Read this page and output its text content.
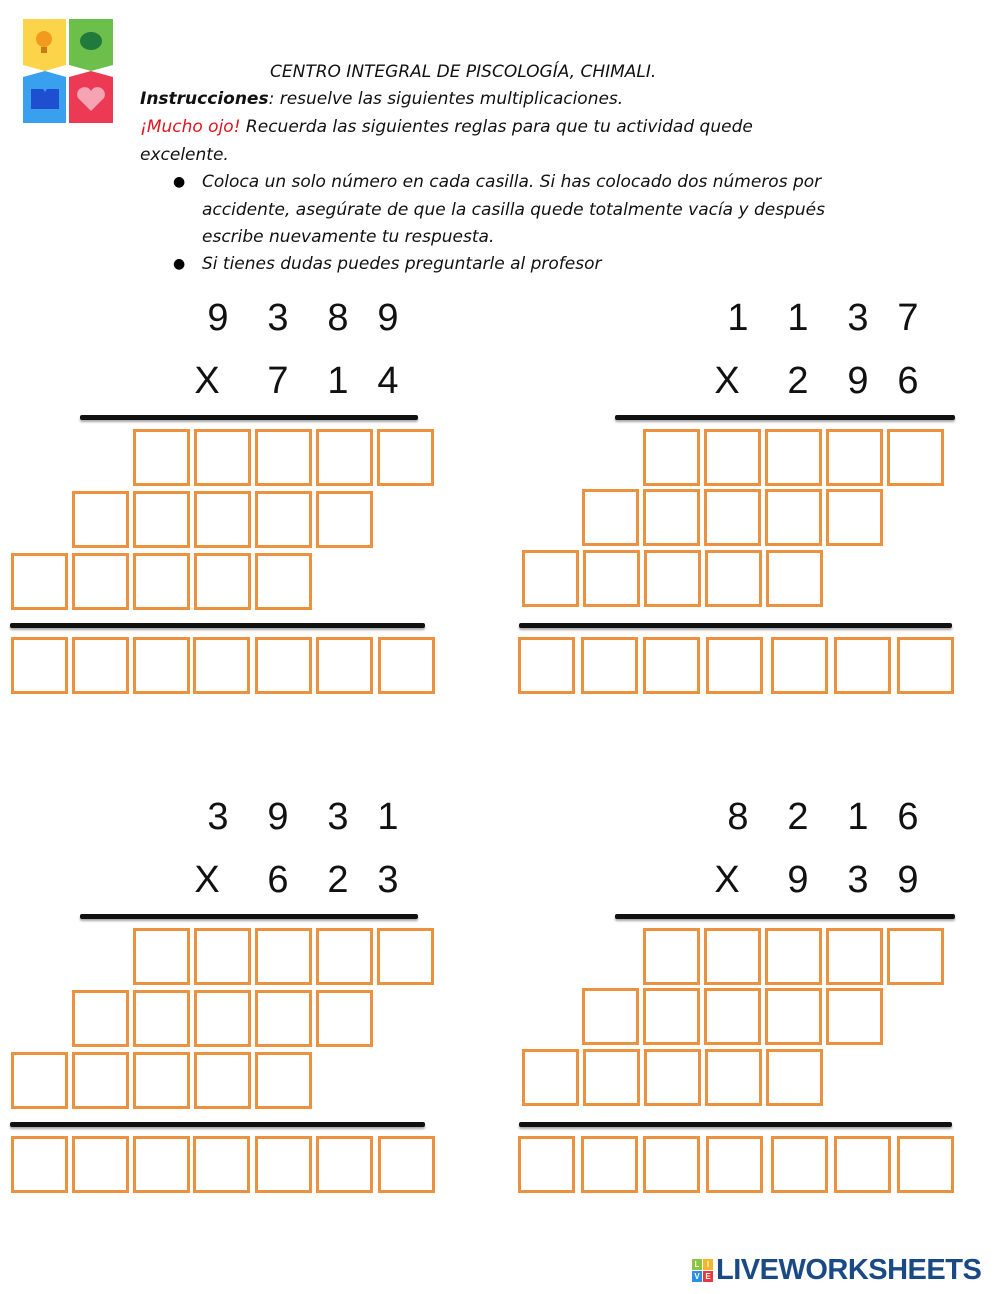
CENTRO INTEGRAL DE PISCOLOGÍA, CHIMALI.
Instrucciones: resuelve las siguientes multiplicaciones.
¡Mucho ojo! Recuerda las siguientes reglas para que tu actividad quede
excelente.
● Coloca un solo número en cada casilla. Si has colocado dos números por
accidente, asegúrate de que la casilla quede totalmente vacía y después
escribe nuevamente tu respuesta.
● Si tienes dudas puedes preguntarle al profesor
9 3 8 9
X 7 1 4
1 1 3 7
X 2 9 6
3 9 3 1
X 6 2 3
8 2 1 6
X 9 3 9
L I
V E LIVEWORKSHEETS
